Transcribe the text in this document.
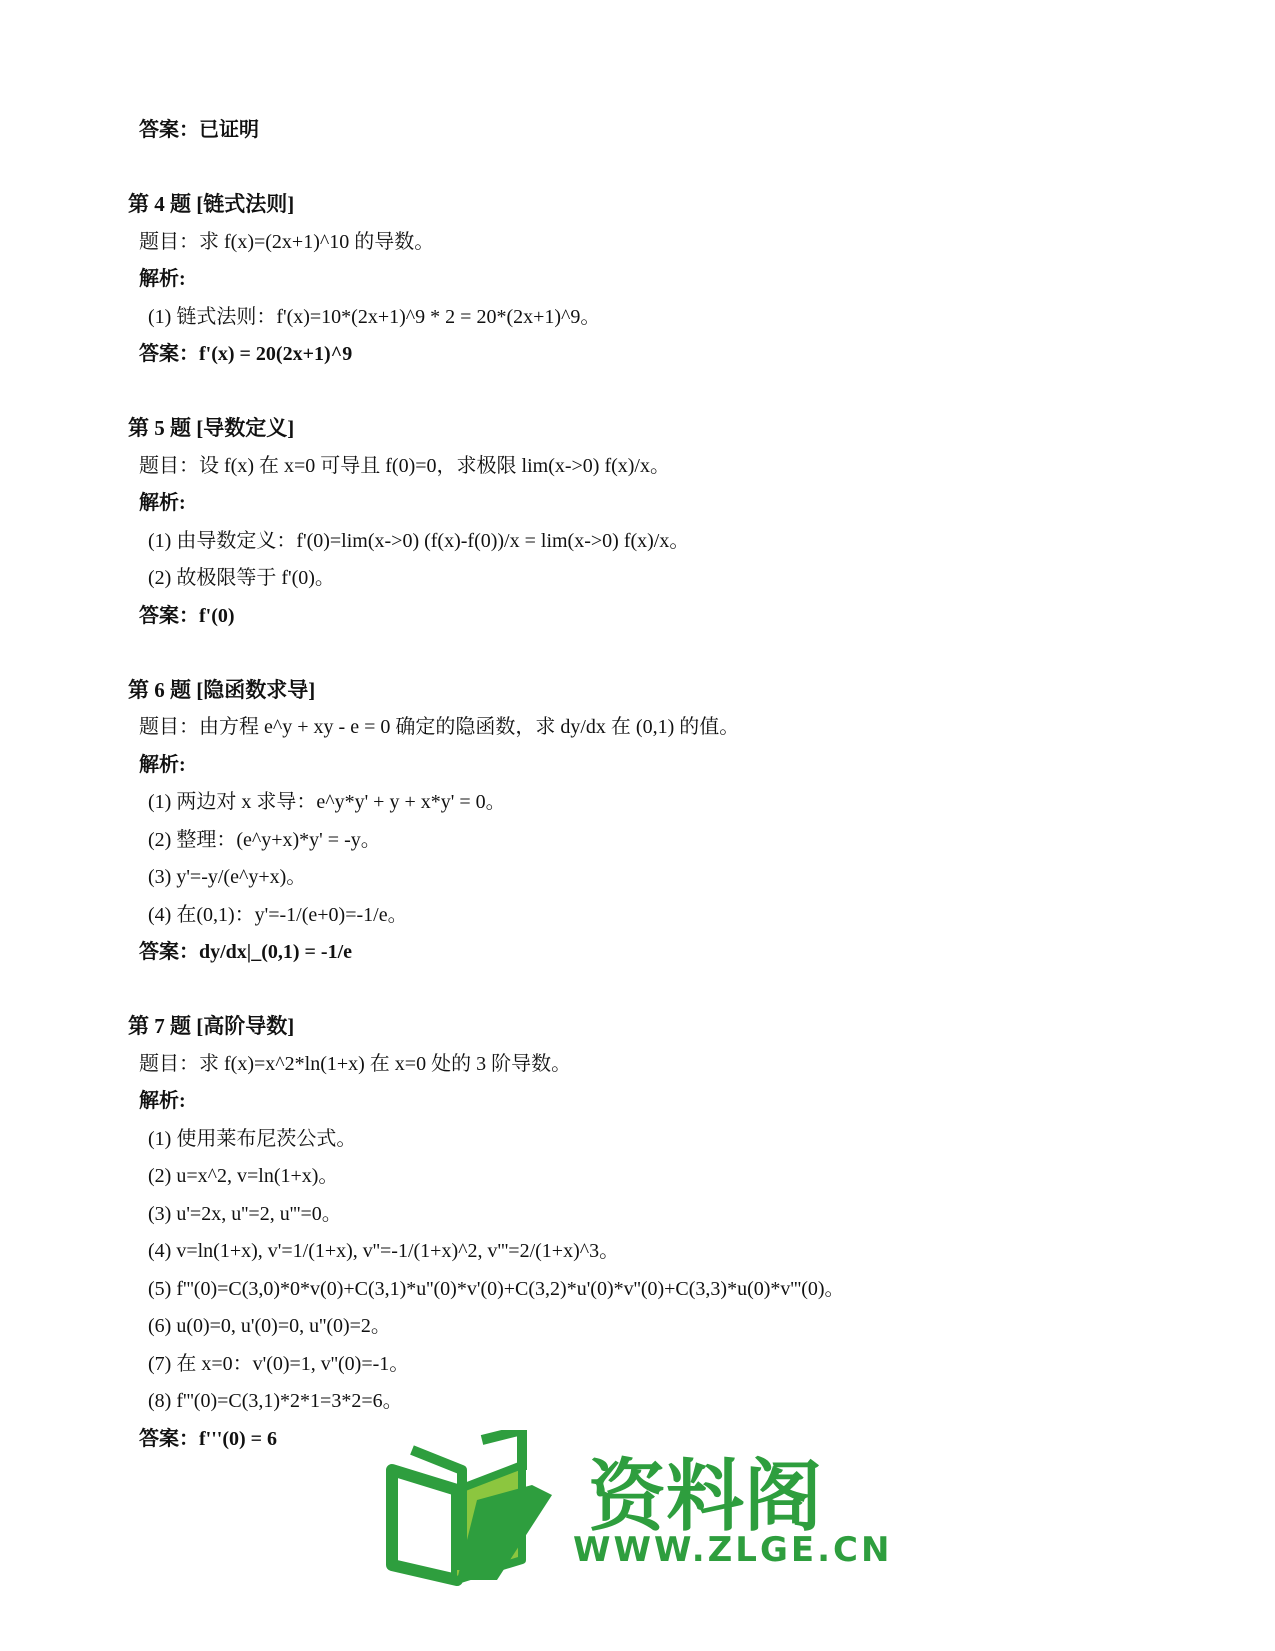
答案：已证明
第 4 题 [链式法则]
题目：求 f(x)=(2x+1)^10 的导数。
解析:
(1) 链式法则：f'(x)=10*(2x+1)^9 * 2 = 20*(2x+1)^9。
答案：f'(x) = 20(2x+1)^9
第 5 题 [导数定义]
题目：设 f(x) 在 x=0 可导且 f(0)=0，求极限 lim(x->0) f(x)/x。
解析:
(1) 由导数定义：f'(0)=lim(x->0) (f(x)-f(0))/x = lim(x->0) f(x)/x。
(2) 故极限等于 f'(0)。
答案：f'(0)
第 6 题 [隐函数求导]
题目：由方程 e^y + xy - e = 0 确定的隐函数，求 dy/dx 在 (0,1) 的值。
解析:
(1) 两边对 x 求导：e^y*y' + y + x*y' = 0。
(2) 整理：(e^y+x)*y' = -y。
(3) y'=-y/(e^y+x)。
(4) 在(0,1)：y'=-1/(e+0)=-1/e。
答案：dy/dx|_(0,1) = -1/e
第 7 题 [高阶导数]
题目：求 f(x)=x^2*ln(1+x) 在 x=0 处的 3 阶导数。
解析:
(1) 使用莱布尼茨公式。
(2) u=x^2, v=ln(1+x)。
(3) u'=2x, u''=2, u'''=0。
(4) v=ln(1+x), v'=1/(1+x), v''=-1/(1+x)^2, v'''=2/(1+x)^3。
(5) f'''(0)=C(3,0)*0*v(0)+C(3,1)*u''(0)*v'(0)+C(3,2)*u'(0)*v''(0)+C(3,3)*u(0)*v'''(0)。
(6) u(0)=0, u'(0)=0, u''(0)=2。
(7) 在 x=0：v'(0)=1, v''(0)=-1。
(8) f'''(0)=C(3,1)*2*1=3*2=6。
答案：f'''(0) = 6
资料阁
WWW.ZLGE.CN
